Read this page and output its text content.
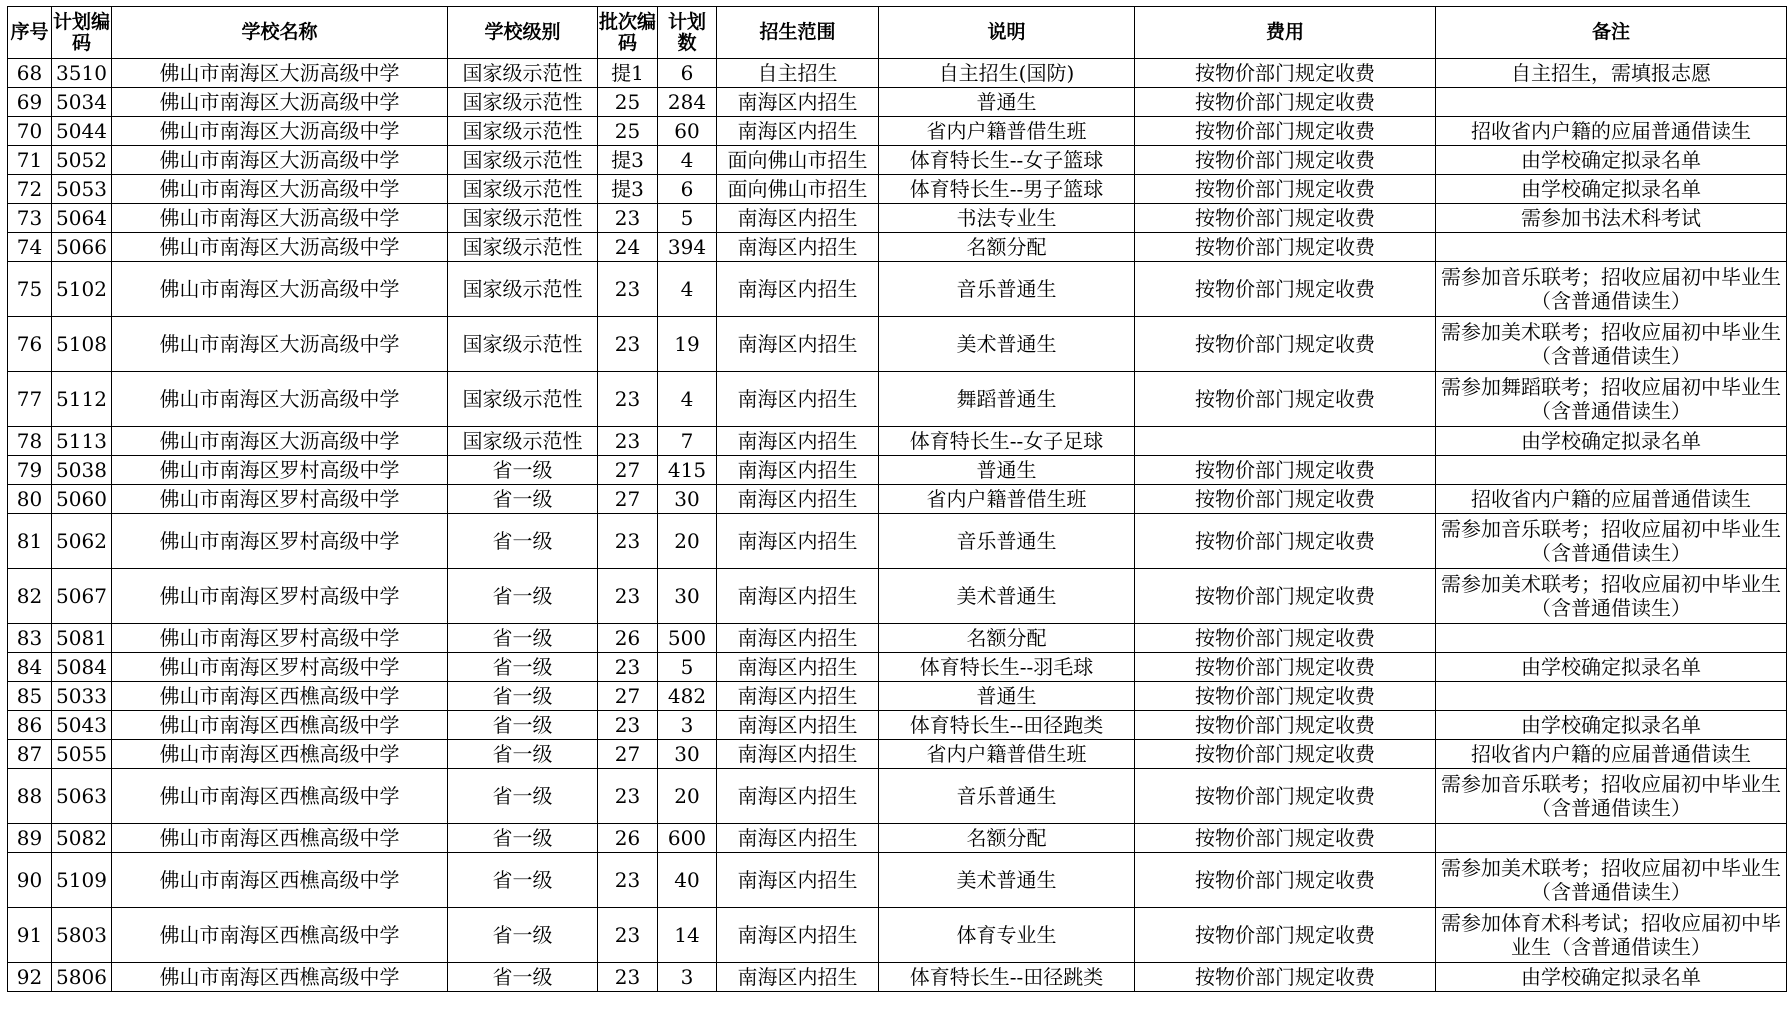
序号	计划编码	学校名称	学校级别	批次编码	计划数	招生范围	说明	费用	备注
68	3510	佛山市南海区大沥高级中学	国家级示范性	提1	6	自主招生	自主招生(国防)	按物价部门规定收费	自主招生，需填报志愿
69	5034	佛山市南海区大沥高级中学	国家级示范性	25	284	南海区内招生	普通生	按物价部门规定收费	
70	5044	佛山市南海区大沥高级中学	国家级示范性	25	60	南海区内招生	省内户籍普借生班	按物价部门规定收费	招收省内户籍的应届普通借读生
71	5052	佛山市南海区大沥高级中学	国家级示范性	提3	4	面向佛山市招生	体育特长生--女子篮球	按物价部门规定收费	由学校确定拟录名单
72	5053	佛山市南海区大沥高级中学	国家级示范性	提3	6	面向佛山市招生	体育特长生--男子篮球	按物价部门规定收费	由学校确定拟录名单
73	5064	佛山市南海区大沥高级中学	国家级示范性	23	5	南海区内招生	书法专业生	按物价部门规定收费	需参加书法术科考试
74	5066	佛山市南海区大沥高级中学	国家级示范性	24	394	南海区内招生	名额分配	按物价部门规定收费	
75	5102	佛山市南海区大沥高级中学	国家级示范性	23	4	南海区内招生	音乐普通生	按物价部门规定收费	需参加音乐联考；招收应届初中毕业生（含普通借读生）
76	5108	佛山市南海区大沥高级中学	国家级示范性	23	19	南海区内招生	美术普通生	按物价部门规定收费	需参加美术联考；招收应届初中毕业生（含普通借读生）
77	5112	佛山市南海区大沥高级中学	国家级示范性	23	4	南海区内招生	舞蹈普通生	按物价部门规定收费	需参加舞蹈联考；招收应届初中毕业生（含普通借读生）
78	5113	佛山市南海区大沥高级中学	国家级示范性	23	7	南海区内招生	体育特长生--女子足球		由学校确定拟录名单
79	5038	佛山市南海区罗村高级中学	省一级	27	415	南海区内招生	普通生	按物价部门规定收费	
80	5060	佛山市南海区罗村高级中学	省一级	27	30	南海区内招生	省内户籍普借生班	按物价部门规定收费	招收省内户籍的应届普通借读生
81	5062	佛山市南海区罗村高级中学	省一级	23	20	南海区内招生	音乐普通生	按物价部门规定收费	需参加音乐联考；招收应届初中毕业生（含普通借读生）
82	5067	佛山市南海区罗村高级中学	省一级	23	30	南海区内招生	美术普通生	按物价部门规定收费	需参加美术联考；招收应届初中毕业生（含普通借读生）
83	5081	佛山市南海区罗村高级中学	省一级	26	500	南海区内招生	名额分配	按物价部门规定收费	
84	5084	佛山市南海区罗村高级中学	省一级	23	5	南海区内招生	体育特长生--羽毛球	按物价部门规定收费	由学校确定拟录名单
85	5033	佛山市南海区西樵高级中学	省一级	27	482	南海区内招生	普通生	按物价部门规定收费	
86	5043	佛山市南海区西樵高级中学	省一级	23	3	南海区内招生	体育特长生--田径跑类	按物价部门规定收费	由学校确定拟录名单
87	5055	佛山市南海区西樵高级中学	省一级	27	30	南海区内招生	省内户籍普借生班	按物价部门规定收费	招收省内户籍的应届普通借读生
88	5063	佛山市南海区西樵高级中学	省一级	23	20	南海区内招生	音乐普通生	按物价部门规定收费	需参加音乐联考；招收应届初中毕业生（含普通借读生）
89	5082	佛山市南海区西樵高级中学	省一级	26	600	南海区内招生	名额分配	按物价部门规定收费	
90	5109	佛山市南海区西樵高级中学	省一级	23	40	南海区内招生	美术普通生	按物价部门规定收费	需参加美术联考；招收应届初中毕业生（含普通借读生）
91	5803	佛山市南海区西樵高级中学	省一级	23	14	南海区内招生	体育专业生	按物价部门规定收费	需参加体育术科考试；招收应届初中毕业生（含普通借读生）
92	5806	佛山市南海区西樵高级中学	省一级	23	3	南海区内招生	体育特长生--田径跳类	按物价部门规定收费	由学校确定拟录名单
